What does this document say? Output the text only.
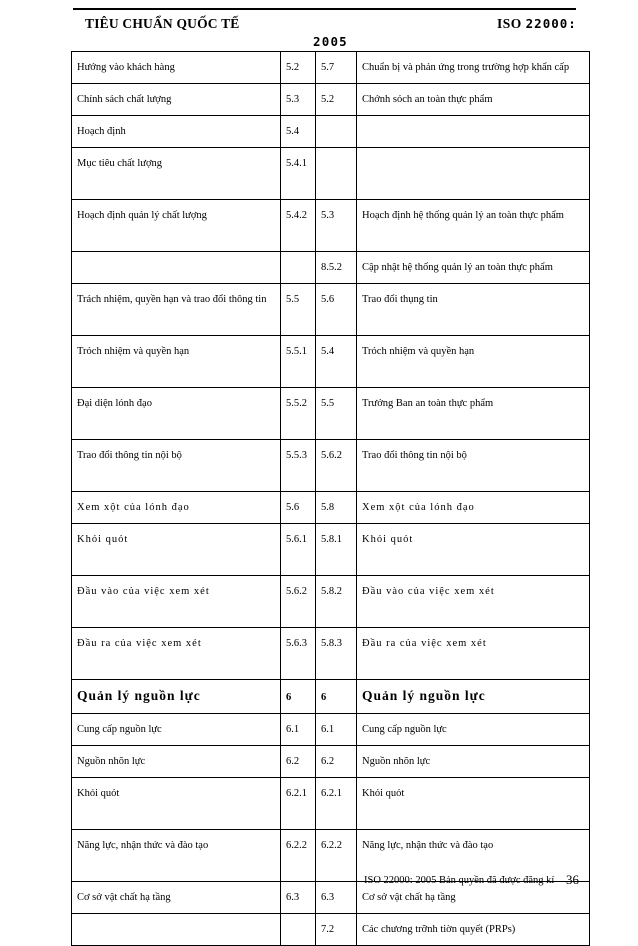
TIÊU CHUẨN QUỐC TẾ	ISO 22000:
2005
Hướng vào khách hàng	5.2	5.7	Chuẩn bị và phản ứng trong trường hợp khẩn cấp
Chính sách chất lượng	5.3	5.2	Chớnh sỏch an toàn thực phẩm
Hoạch định	5.4		
Mục tiêu chất lượng	5.4.1		
Hoạch định quản lý chất lượng	5.4.2	5.3	Hoạch định hệ thống quản lý an toàn thực phẩm
		8.5.2	Cập nhật hệ thống quản lý an toàn thực phẩm
Trách nhiệm, quyền hạn và trao đổi thông tin	5.5	5.6	Trao đổi thụng tin
Trỏch nhiệm và quyền hạn	5.5.1	5.4	Trỏch nhiệm và quyền hạn
Đại diện lónh đạo	5.5.2	5.5	Trưởng Ban an toàn thực phẩm
Trao đổi thông tin nội bộ	5.5.3	5.6.2	Trao đổi thông tin nội bộ
Xem xột của lónh đạo	5.6	5.8	Xem xột của lónh đạo
Khỏi quỏt	5.6.1	5.8.1	Khỏi quỏt
Đầu vào của việc xem xét	5.6.2	5.8.2	Đầu vào của việc xem xét
Đầu ra của việc xem xét	5.6.3	5.8.3	Đầu ra của việc xem xét
Quản lý nguồn lực	6	6	Quản lý nguồn lực
Cung cấp nguồn lực	6.1	6.1	Cung cấp nguồn lực
Nguồn nhõn lực	6.2	6.2	Nguồn nhõn lực
Khỏi quỏt	6.2.1	6.2.1	Khỏi quỏt
Năng lực, nhận thức và đào tạo	6.2.2	6.2.2	Năng lực, nhận thức và đào tạo
Cơ sở vật chất hạ tầng	6.3	6.3	Cơ sở vật chất hạ tầng
		7.2	Các chương trỡnh tiờn quyết (PRPs)
ISO 22000: 2005 Bản quyền đã được đăng kí 36
